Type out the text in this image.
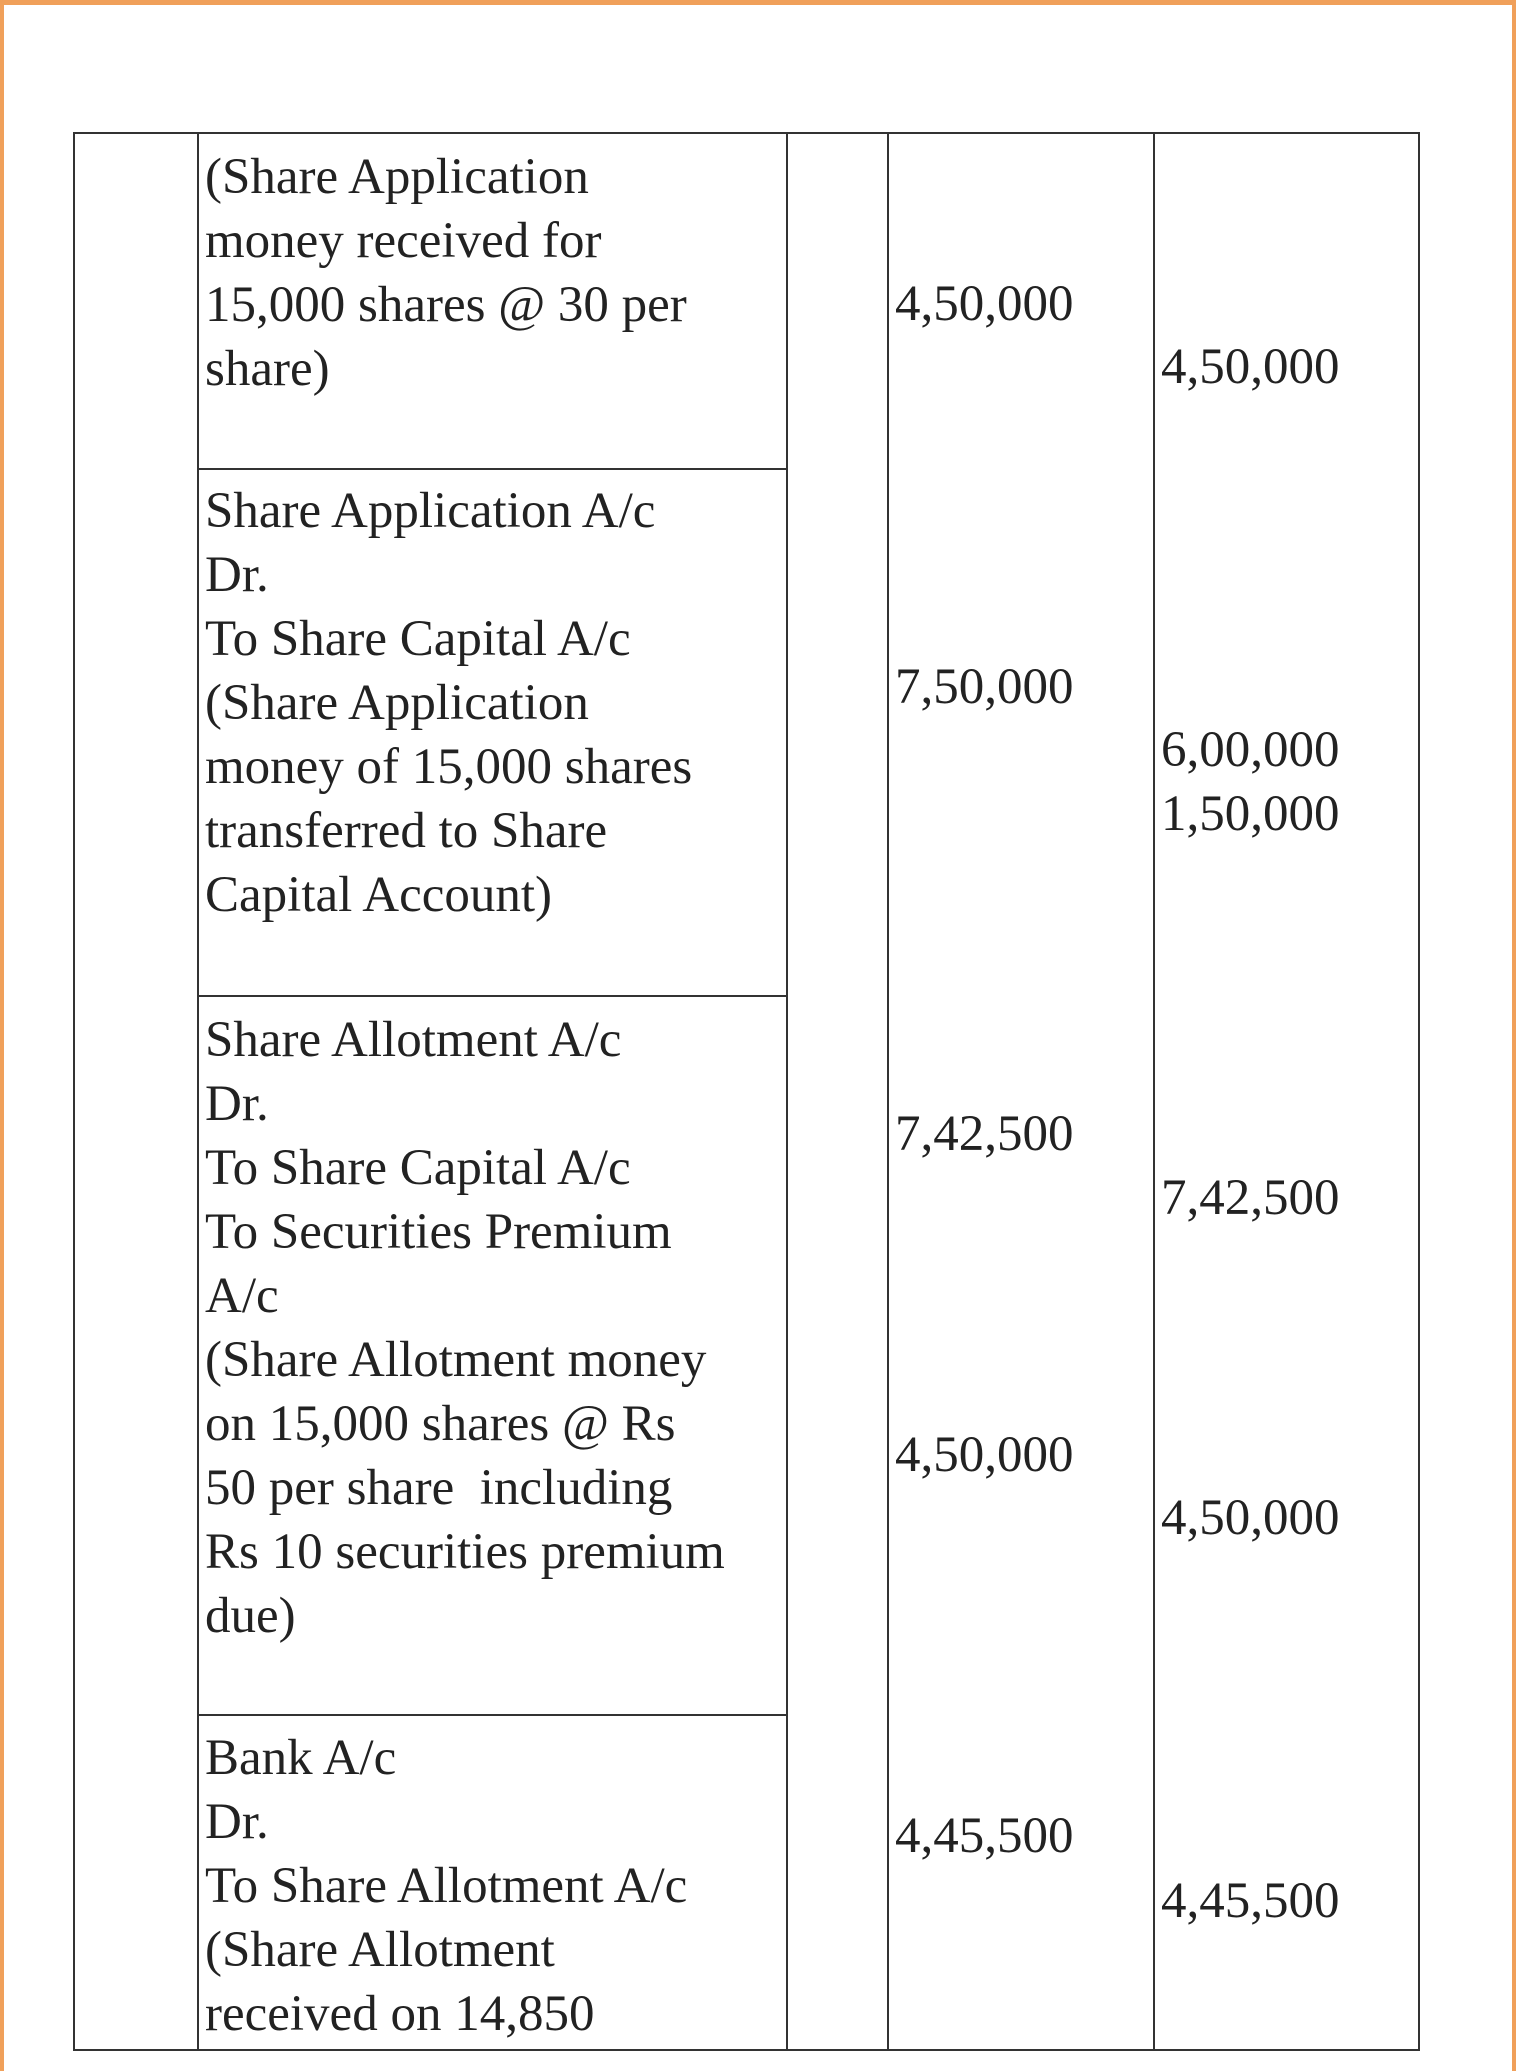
(Share Application
money received for
15,000 shares @ 30 per
share)
4,50,000
4,50,000
Share Application A/c
Dr.
To Share Capital A/c
(Share Application
money of 15,000 shares
transferred to Share
Capital Account)
7,50,000
6,00,000
1,50,000
Share Allotment A/c
Dr.
To Share Capital A/c
To Securities Premium
A/c
(Share Allotment money
on 15,000 shares @ Rs
50 per share  including
Rs 10 securities premium
due)
7,42,500
4,50,000
7,42,500
4,50,000
Bank A/c
Dr.
To Share Allotment A/c
(Share Allotment
received on 14,850
4,45,500
4,45,500
